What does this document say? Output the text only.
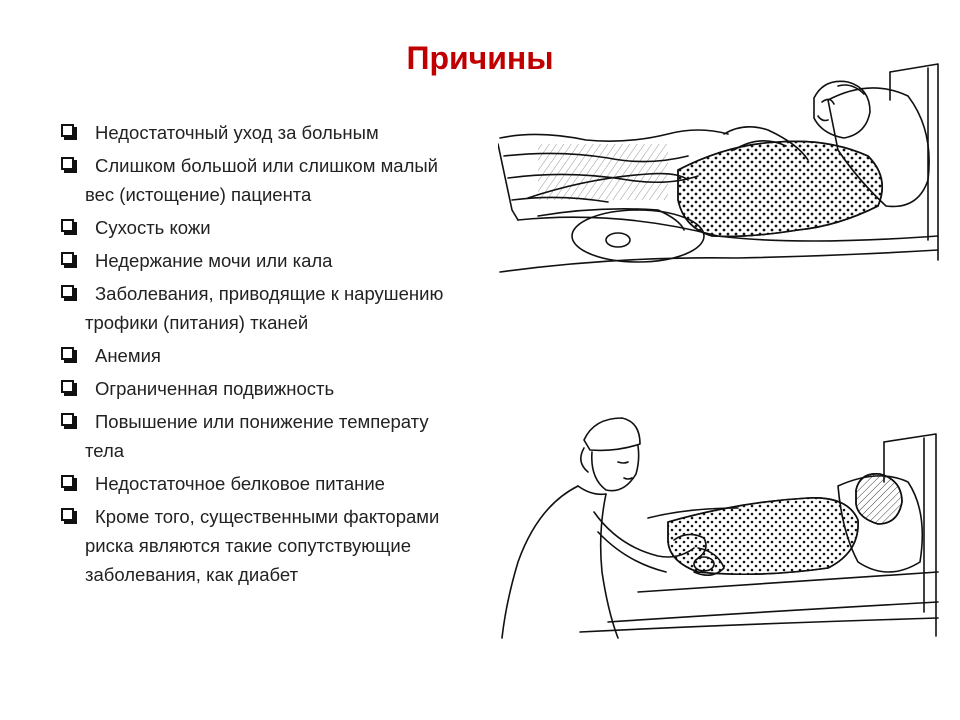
Причины
Недостаточный уход за больным
Слишком большой или слишком малый
вес (истощение) пациента
Сухость кожи
Недержание мочи или кала
Заболевания, приводящие к нарушению
трофики (питания) тканей
Анемия
Ограниченная подвижность
Повышение или понижение температу
тела
Недостаточное белковое питание
Кроме того, существенными факторами
риска являются такие сопутствующие
заболевания, как диабет
